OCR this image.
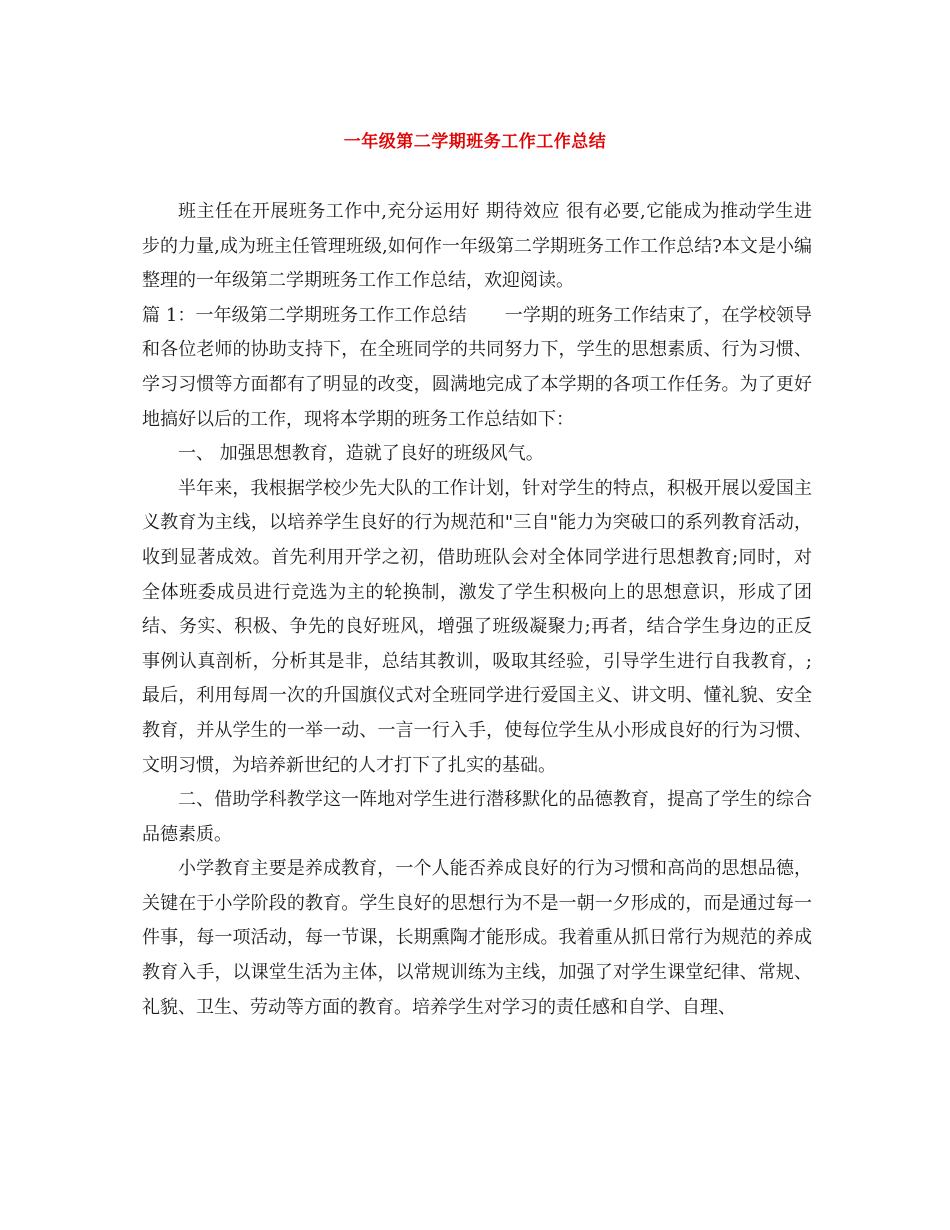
一年级第二学期班务工作工作总结

班主任在开展班务工作中,充分运用好 期待效应 很有必要,它能成为推动学生进步的力量,成为班主任管理班级,如何作一年级第二学期班务工作工作总结?本文是小编整理的一年级第二学期班务工作工作总结，欢迎阅读。

篇 1：一年级第二学期班务工作工作总结 一学期的班务工作结束了，在学校领导和各位老师的协助支持下，在全班同学的共同努力下，学生的思想素质、行为习惯、学习习惯等方面都有了明显的改变，圆满地完成了本学期的各项工作任务。为了更好地搞好以后的工作，现将本学期的班务工作总结如下：

一、 加强思想教育，造就了良好的班级风气。

半年来，我根据学校少先大队的工作计划，针对学生的特点，积极开展以爱国主义教育为主线，以培养学生良好的行为规范和"三自"能力为突破口的系列教育活动，收到显著成效。首先利用开学之初，借助班队会对全体同学进行思想教育;同时，对全体班委成员进行竞选为主的轮换制，激发了学生积极向上的思想意识，形成了团结、务实、积极、争先的良好班风，增强了班级凝聚力;再者，结合学生身边的正反事例认真剖析，分析其是非，总结其教训，吸取其经验，引导学生进行自我教育，;最后，利用每周一次的升国旗仪式对全班同学进行爱国主义、讲文明、懂礼貌、安全教育，并从学生的一举一动、一言一行入手，使每位学生从小形成良好的行为习惯、文明习惯，为培养新世纪的人才打下了扎实的基础。

二、借助学科教学这一阵地对学生进行潜移默化的品德教育，提高了学生的综合品德素质。

小学教育主要是养成教育，一个人能否养成良好的行为习惯和高尚的思想品德，关键在于小学阶段的教育。学生良好的思想行为不是一朝一夕形成的，而是通过每一件事，每一项活动，每一节课，长期熏陶才能形成。我着重从抓日常行为规范的养成教育入手，以课堂生活为主体，以常规训练为主线，加强了对学生课堂纪律、常规、礼貌、卫生、劳动等方面的教育。培养学生对学习的责任感和自学、自理、
